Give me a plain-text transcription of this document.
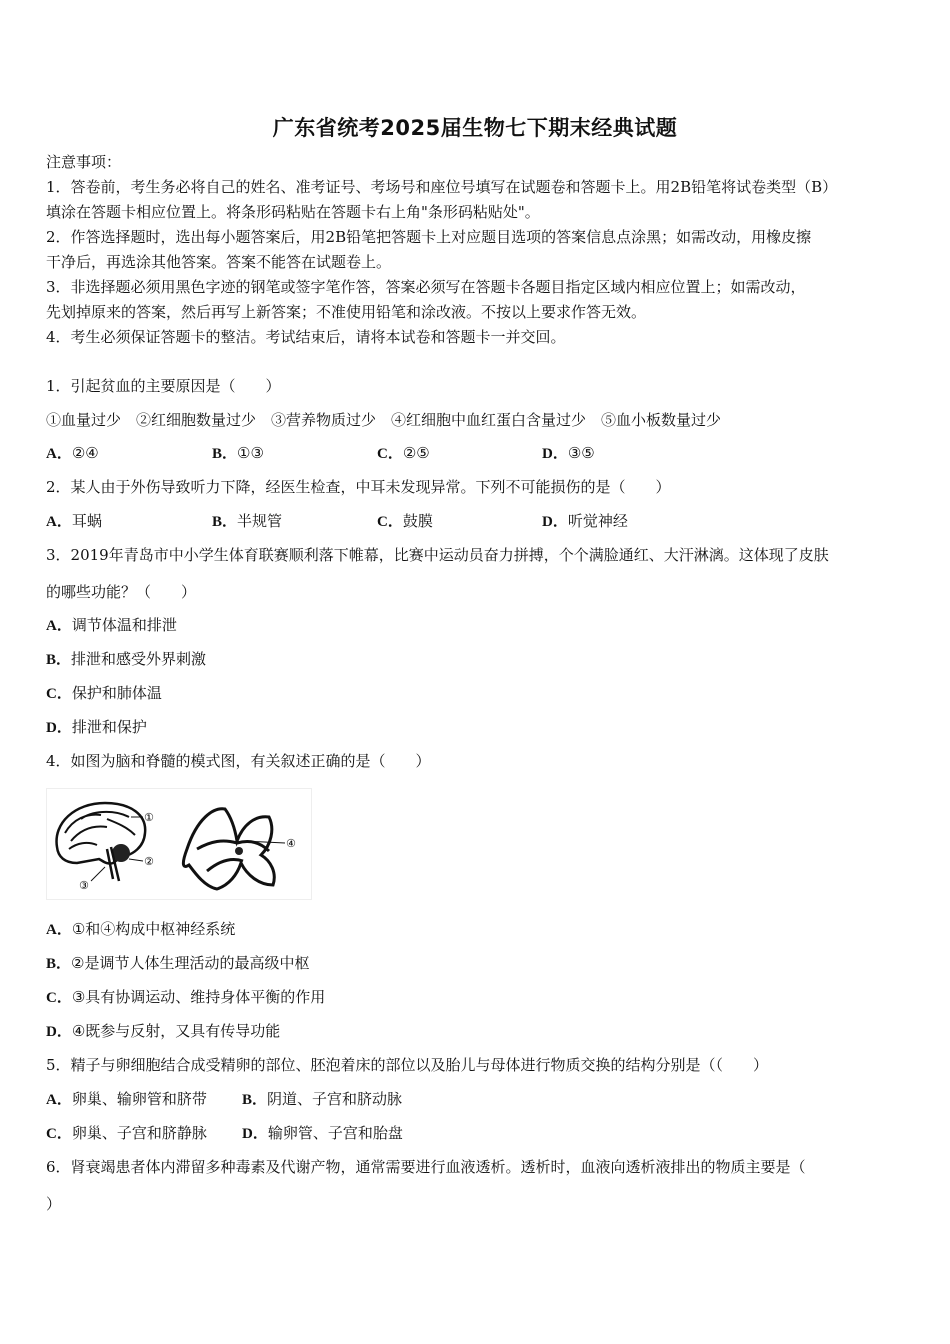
广东省统考2025届生物七下期末经典试题
注意事项：
1．答卷前，考生务必将自己的姓名、准考证号、考场号和座位号填写在试题卷和答题卡上。用2B铅笔将试卷类型（B）
填涂在答题卡相应位置上。将条形码粘贴在答题卡右上角"条形码粘贴处"。
2．作答选择题时，选出每小题答案后，用2B铅笔把答题卡上对应题目选项的答案信息点涂黑；如需改动，用橡皮擦
干净后，再选涂其他答案。答案不能答在试题卷上。
3．非选择题必须用黑色字迹的钢笔或签字笔作答，答案必须写在答题卡各题目指定区域内相应位置上；如需改动，
先划掉原来的答案，然后再写上新答案；不准使用铅笔和涂改液。不按以上要求作答无效。
4．考生必须保证答题卡的整洁。考试结束后，请将本试卷和答题卡一并交回。
1．引起贫血的主要原因是（　　）
①血量过少　②红细胞数量过少　③营养物质过少　④红细胞中血红蛋白含量过少　⑤血小板数量过少
A．②④	B．①③	C．②⑤	D．③⑤
2．某人由于外伤导致听力下降，经医生检查，中耳未发现异常。下列不可能损伤的是（　　）
A．耳蜗	B．半规管	C．鼓膜	D．听觉神经
3．2019年青岛市中小学生体育联赛顺利落下帷幕，比赛中运动员奋力拼搏，个个满脸通红、大汗淋漓。这体现了皮肤
的哪些功能？（　　）
A．调节体温和排泄
B．排泄和感受外界刺激
C．保护和肺体温
D．排泄和保护
4．如图为脑和脊髓的模式图，有关叙述正确的是（　　）
①
②
③
④
A．①和④构成中枢神经系统
B．②是调节人体生理活动的最高级中枢
C．③具有协调运动、维持身体平衡的作用
D．④既参与反射，又具有传导功能
5．精子与卵细胞结合成受精卵的部位、胚泡着床的部位以及胎儿与母体进行物质交换的结构分别是（（　　）
A．卵巢、输卵管和脐带 B．阴道、子宫和脐动脉
C．卵巢、子宫和脐静脉 D．输卵管、子宫和胎盘
6．肾衰竭患者体内滞留多种毒素及代谢产物，通常需要进行血液透析。透析时，血液向透析液排出的物质主要是（
）
